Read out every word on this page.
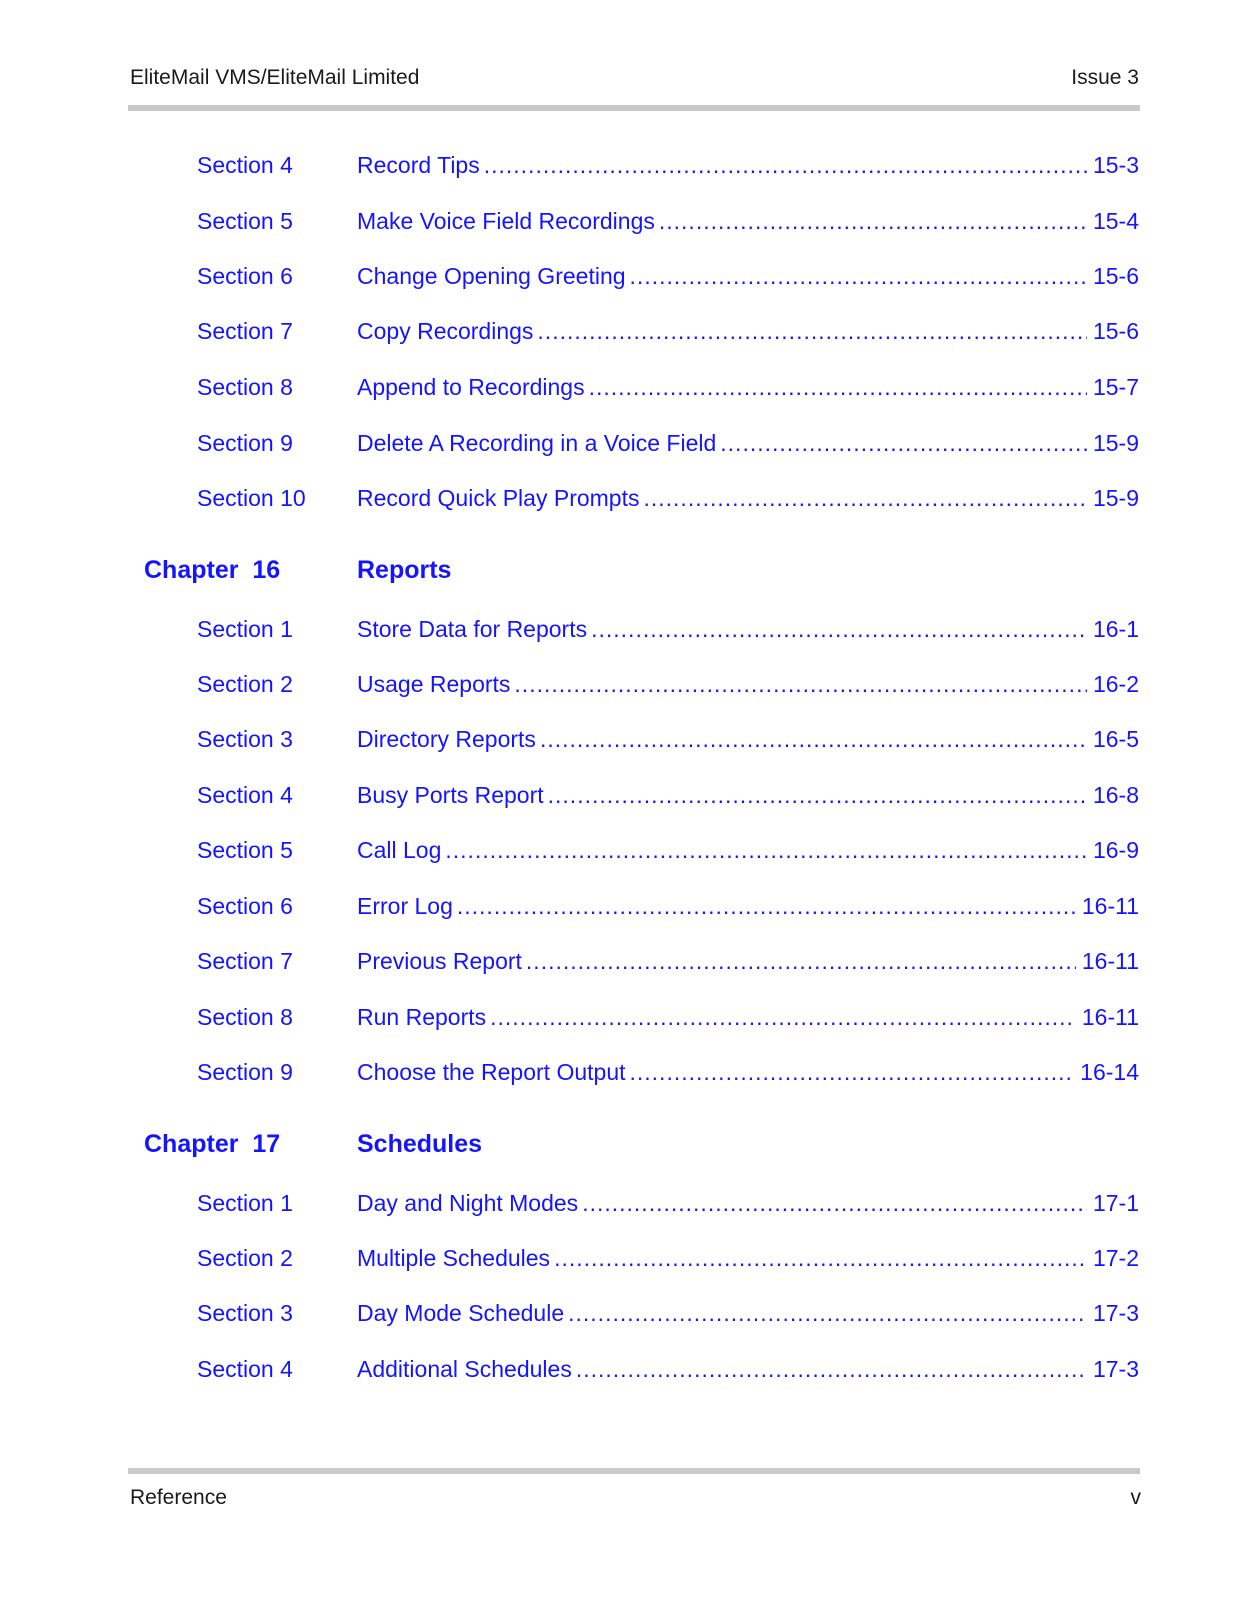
EliteMail VMS/EliteMail Limited	Issue 3
Section 4	Record Tips .....	15-3
Section 5	Make Voice Field Recordings .....	15-4
Section 6	Change Opening Greeting .....	15-6
Section 7	Copy Recordings .....	15-6
Section 8	Append to Recordings .....	15-7
Section 9	Delete A Recording in a Voice Field .....	15-9
Section 10 Record Quick Play Prompts .....	15-9
Chapter  16	Reports
Section 1	Store Data for Reports .....	16-1
Section 2	Usage Reports .....	16-2
Section 3	Directory Reports .....	16-5
Section 4	Busy Ports Report .....	16-8
Section 5	Call Log .....	16-9
Section 6	Error Log .....	16-11
Section 7	Previous Report .....	16-11
Section 8	Run Reports .....	16-11
Section 9	Choose the Report Output .....	16-14
Chapter  17	Schedules
Section 1	Day and Night Modes .....	17-1
Section 2	Multiple Schedules .....	17-2
Section 3	Day Mode Schedule .....	17-3
Section 4	Additional Schedules .....	17-3
Reference	v
